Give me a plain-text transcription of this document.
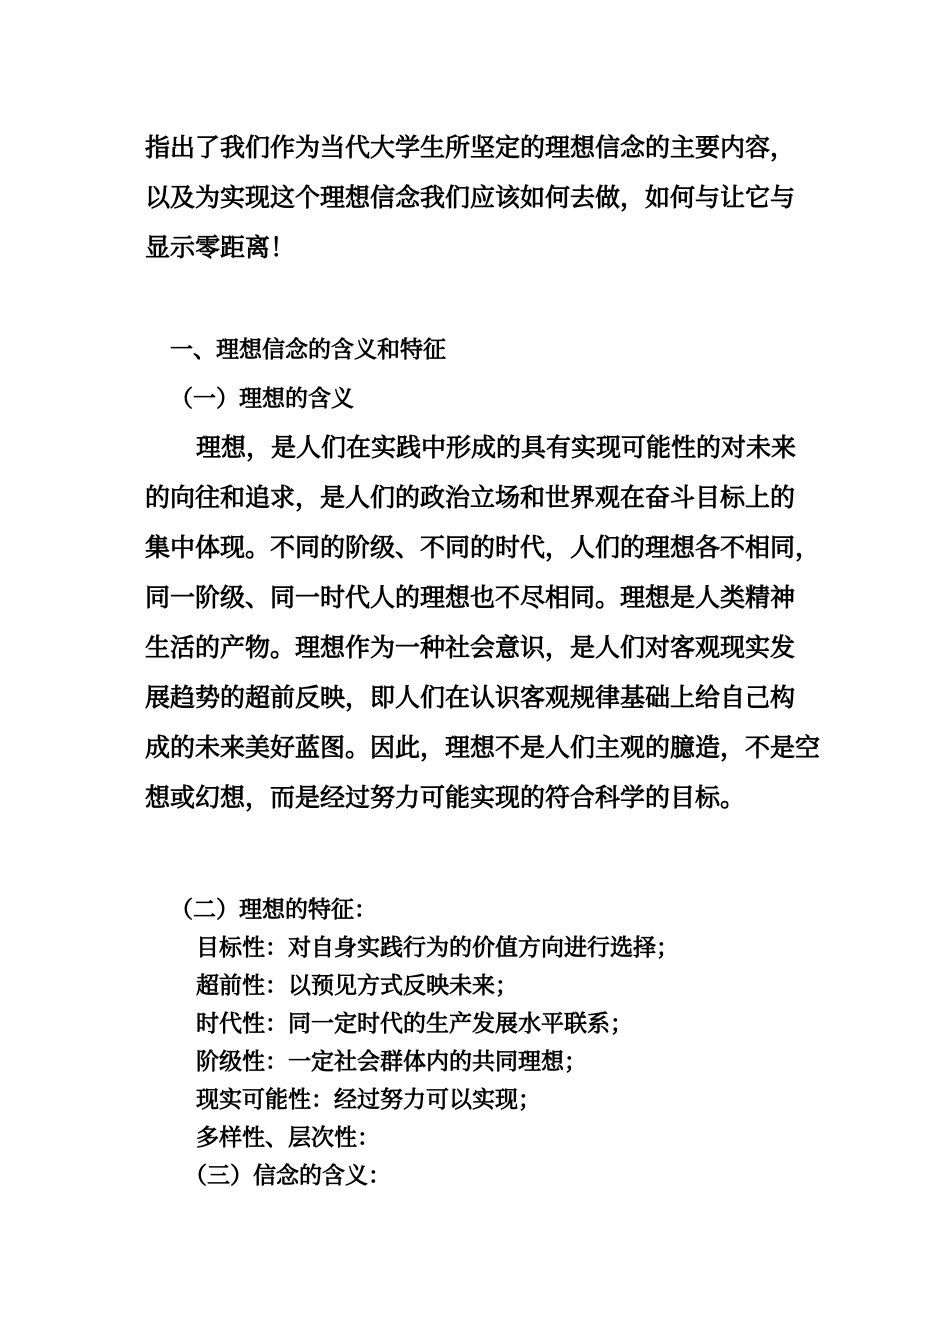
指出了我们作为当代大学生所坚定的理想信念的主要内容，
以及为实现这个理想信念我们应该如何去做，如何与让它与
显示零距离！
一、理想信念的含义和特征
（一）理想的含义
理想，是人们在实践中形成的具有实现可能性的对未来
的向往和追求，是人们的政治立场和世界观在奋斗目标上的
集中体现。不同的阶级、不同的时代，人们的理想各不相同，
同一阶级、同一时代人的理想也不尽相同。理想是人类精神
生活的产物。理想作为一种社会意识，是人们对客观现实发
展趋势的超前反映，即人们在认识客观规律基础上给自己构
成的未来美好蓝图。因此，理想不是人们主观的臆造，不是空
想或幻想，而是经过努力可能实现的符合科学的目标。
（二）理想的特征：
目标性：对自身实践行为的价值方向进行选择；
超前性：以预见方式反映未来；
时代性：同一定时代的生产发展水平联系；
阶级性：一定社会群体内的共同理想；
现实可能性：经过努力可以实现；
多样性、层次性：
（三）信念的含义：
